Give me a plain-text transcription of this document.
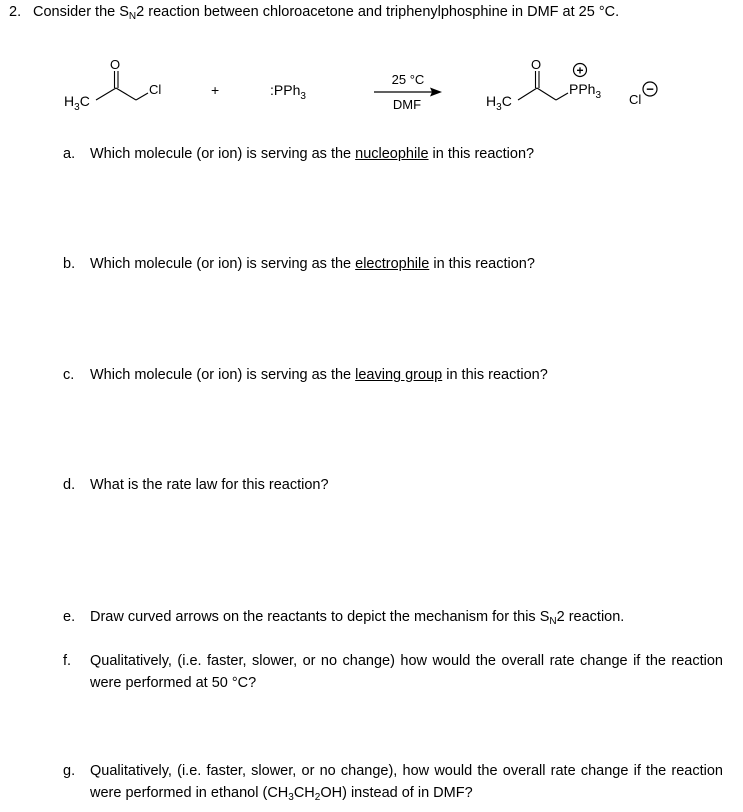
2. Consider the $S_N2$ reaction between chloroacetone and triphenylphosphine in DMF at 25 °C.
$H_3C$
O
Cl	+	:PPh$_3$
25 °C
DMF	$H_3C$
O
PPh$_3$
+
Cl
−
a.	Which molecule (or ion) is serving as the nucleophile in this reaction?
b.	Which molecule (or ion) is serving as the electrophile in this reaction?
c.	Which molecule (or ion) is serving as the leaving group in this reaction?
d.	What is the rate law for this reaction?
e.	Draw curved arrows on the reactants to depict the mechanism for this $S_N2$ reaction.
f.	Qualitatively, (i.e. faster, slower, or no change) how would the overall rate change if the reaction were performed at 50 °C?
g.	Qualitatively, (i.e. faster, slower, or no change), how would the overall rate change if the reaction were performed in ethanol $(CH_3CH_2OH)$ instead of in DMF?
